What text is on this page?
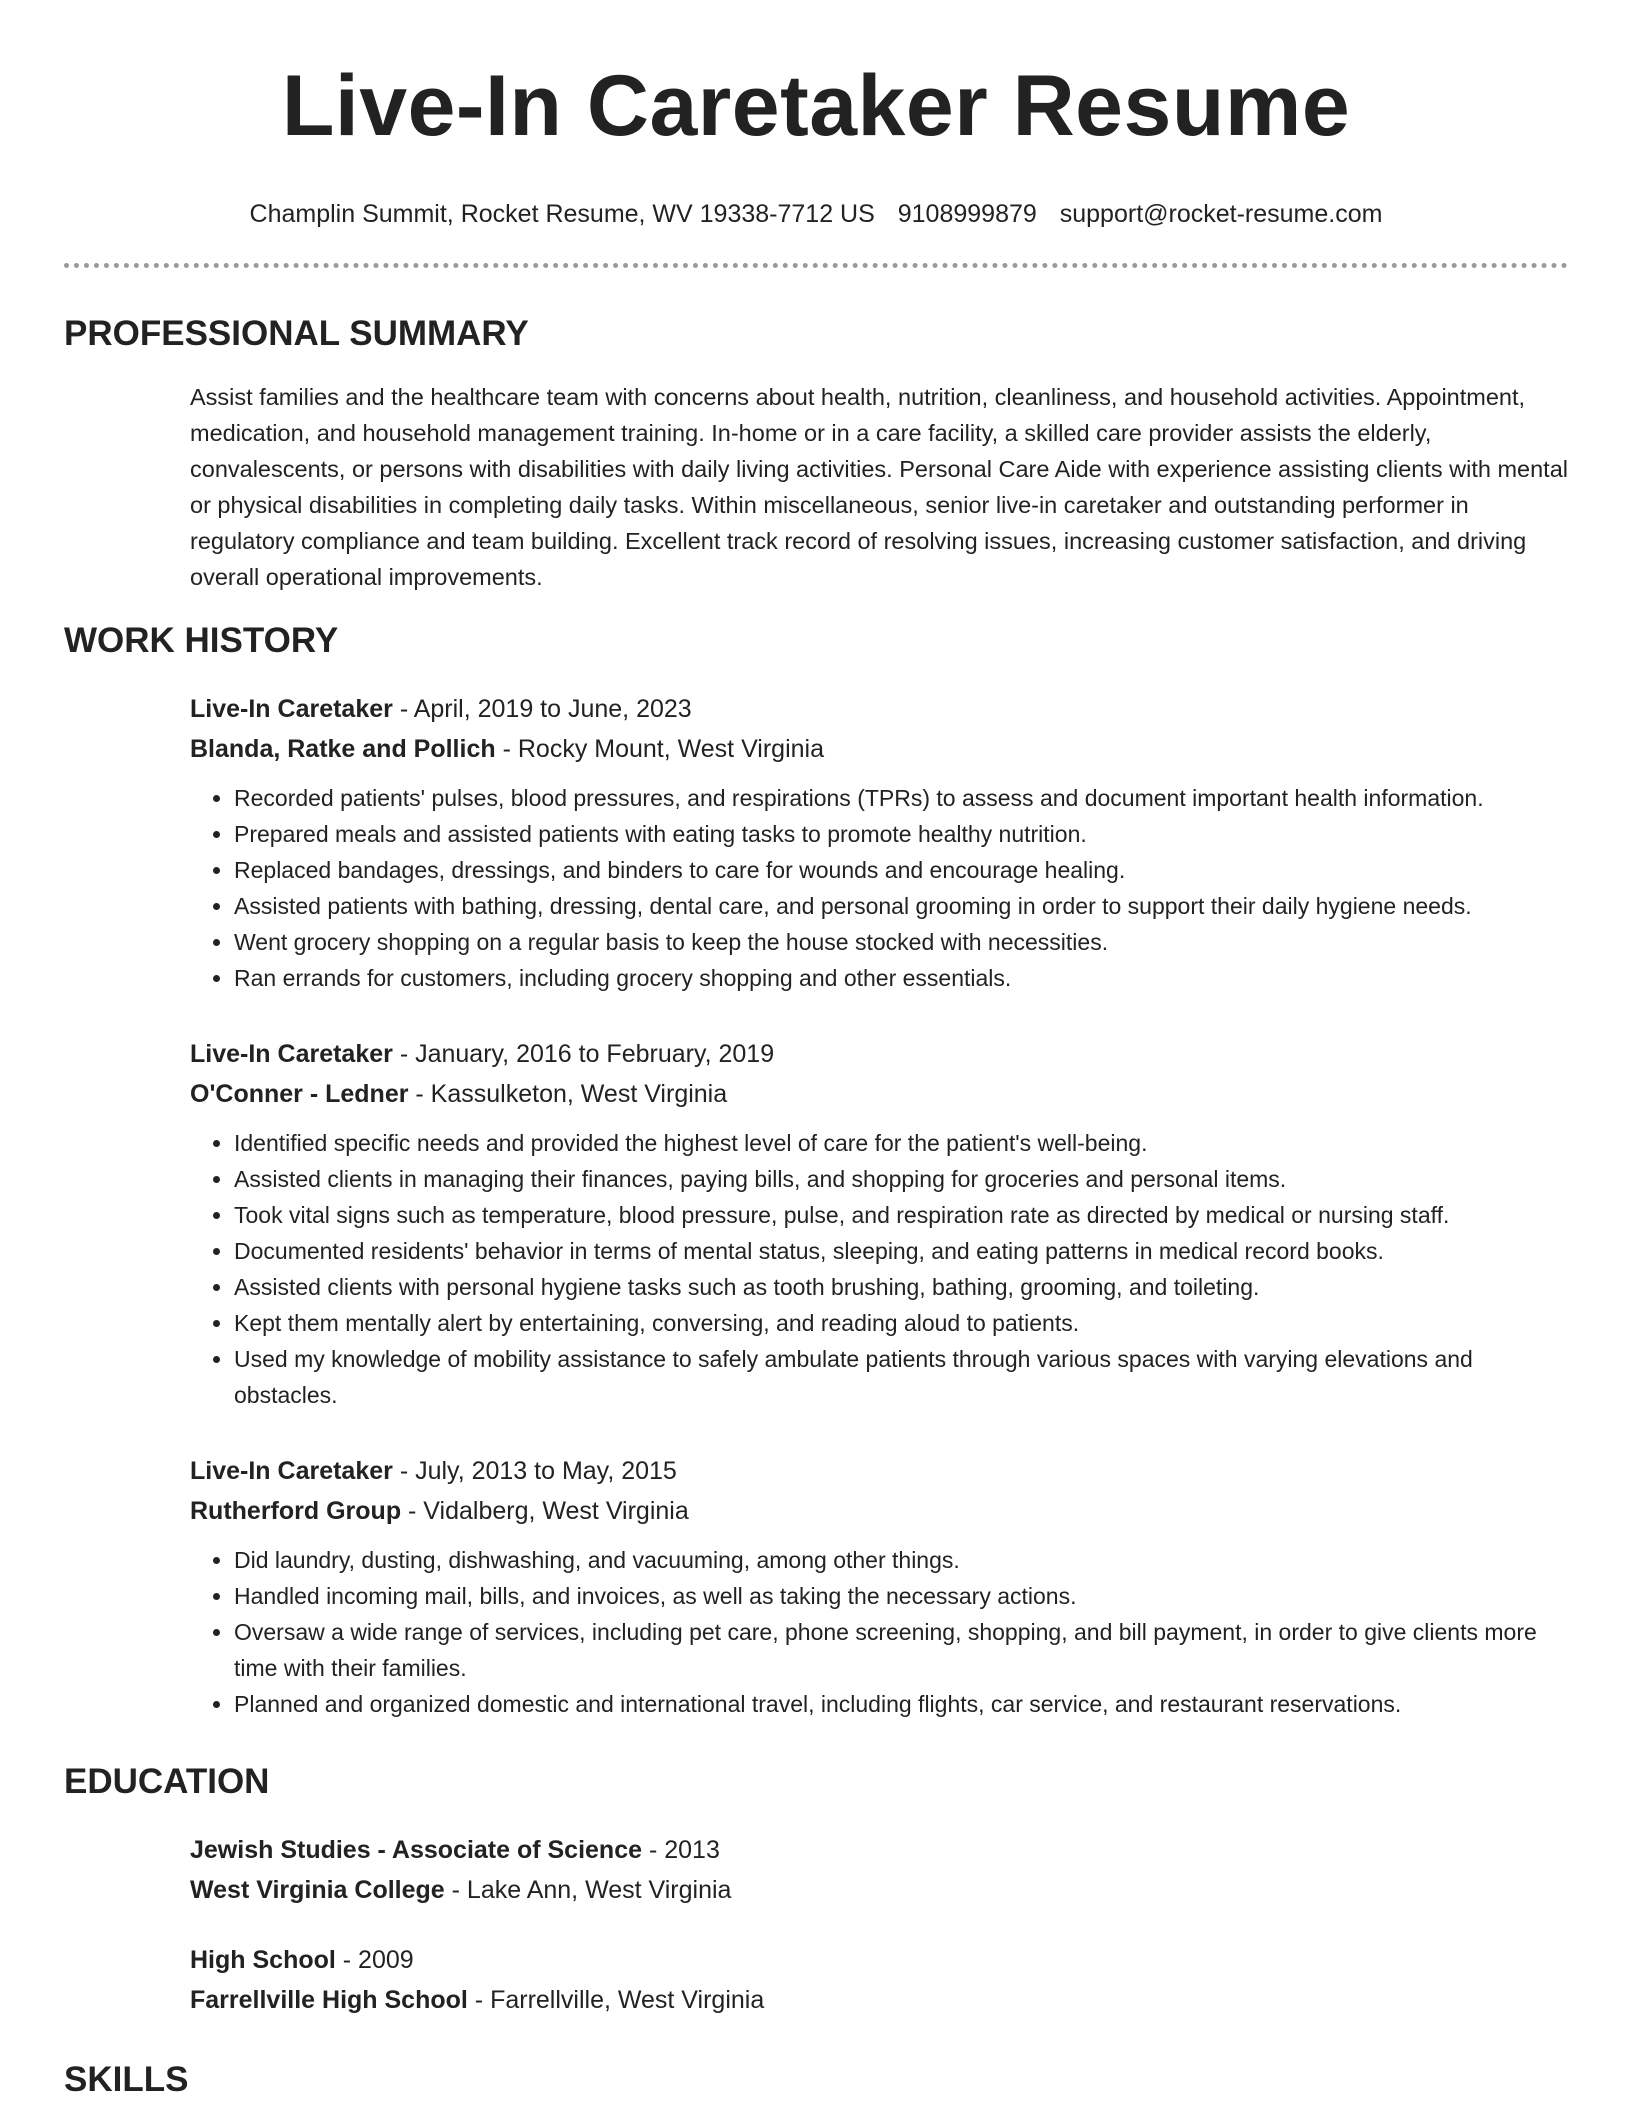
Live-In Caretaker Resume
Champlin Summit, Rocket Resume, WV 19338-7712 US 9108999879 support@rocket-resume.com
PROFESSIONAL SUMMARY
Assist families and the healthcare team with concerns about health, nutrition, cleanliness, and household activities. Appointment, medication, and household management training. In-home or in a care facility, a skilled care provider assists the elderly, convalescents, or persons with disabilities with daily living activities. Personal Care Aide with experience assisting clients with mental or physical disabilities in completing daily tasks. Within miscellaneous, senior live-in caretaker and outstanding performer in regulatory compliance and team building. Excellent track record of resolving issues, increasing customer satisfaction, and driving overall operational improvements.
WORK HISTORY
Live-In Caretaker - April, 2019 to June, 2023
Blanda, Ratke and Pollich - Rocky Mount, West Virginia
• Recorded patients' pulses, blood pressures, and respirations (TPRs) to assess and document important health information.
• Prepared meals and assisted patients with eating tasks to promote healthy nutrition.
• Replaced bandages, dressings, and binders to care for wounds and encourage healing.
• Assisted patients with bathing, dressing, dental care, and personal grooming in order to support their daily hygiene needs.
• Went grocery shopping on a regular basis to keep the house stocked with necessities.
• Ran errands for customers, including grocery shopping and other essentials.
Live-In Caretaker - January, 2016 to February, 2019
O'Conner - Ledner - Kassulketon, West Virginia
• Identified specific needs and provided the highest level of care for the patient's well-being.
• Assisted clients in managing their finances, paying bills, and shopping for groceries and personal items.
• Took vital signs such as temperature, blood pressure, pulse, and respiration rate as directed by medical or nursing staff.
• Documented residents' behavior in terms of mental status, sleeping, and eating patterns in medical record books.
• Assisted clients with personal hygiene tasks such as tooth brushing, bathing, grooming, and toileting.
• Kept them mentally alert by entertaining, conversing, and reading aloud to patients.
• Used my knowledge of mobility assistance to safely ambulate patients through various spaces with varying elevations and obstacles.
Live-In Caretaker - July, 2013 to May, 2015
Rutherford Group - Vidalberg, West Virginia
• Did laundry, dusting, dishwashing, and vacuuming, among other things.
• Handled incoming mail, bills, and invoices, as well as taking the necessary actions.
• Oversaw a wide range of services, including pet care, phone screening, shopping, and bill payment, in order to give clients more time with their families.
• Planned and organized domestic and international travel, including flights, car service, and restaurant reservations.
EDUCATION
Jewish Studies - Associate of Science - 2013
West Virginia College - Lake Ann, West Virginia
High School - 2009
Farrellville High School - Farrellville, West Virginia
SKILLS
